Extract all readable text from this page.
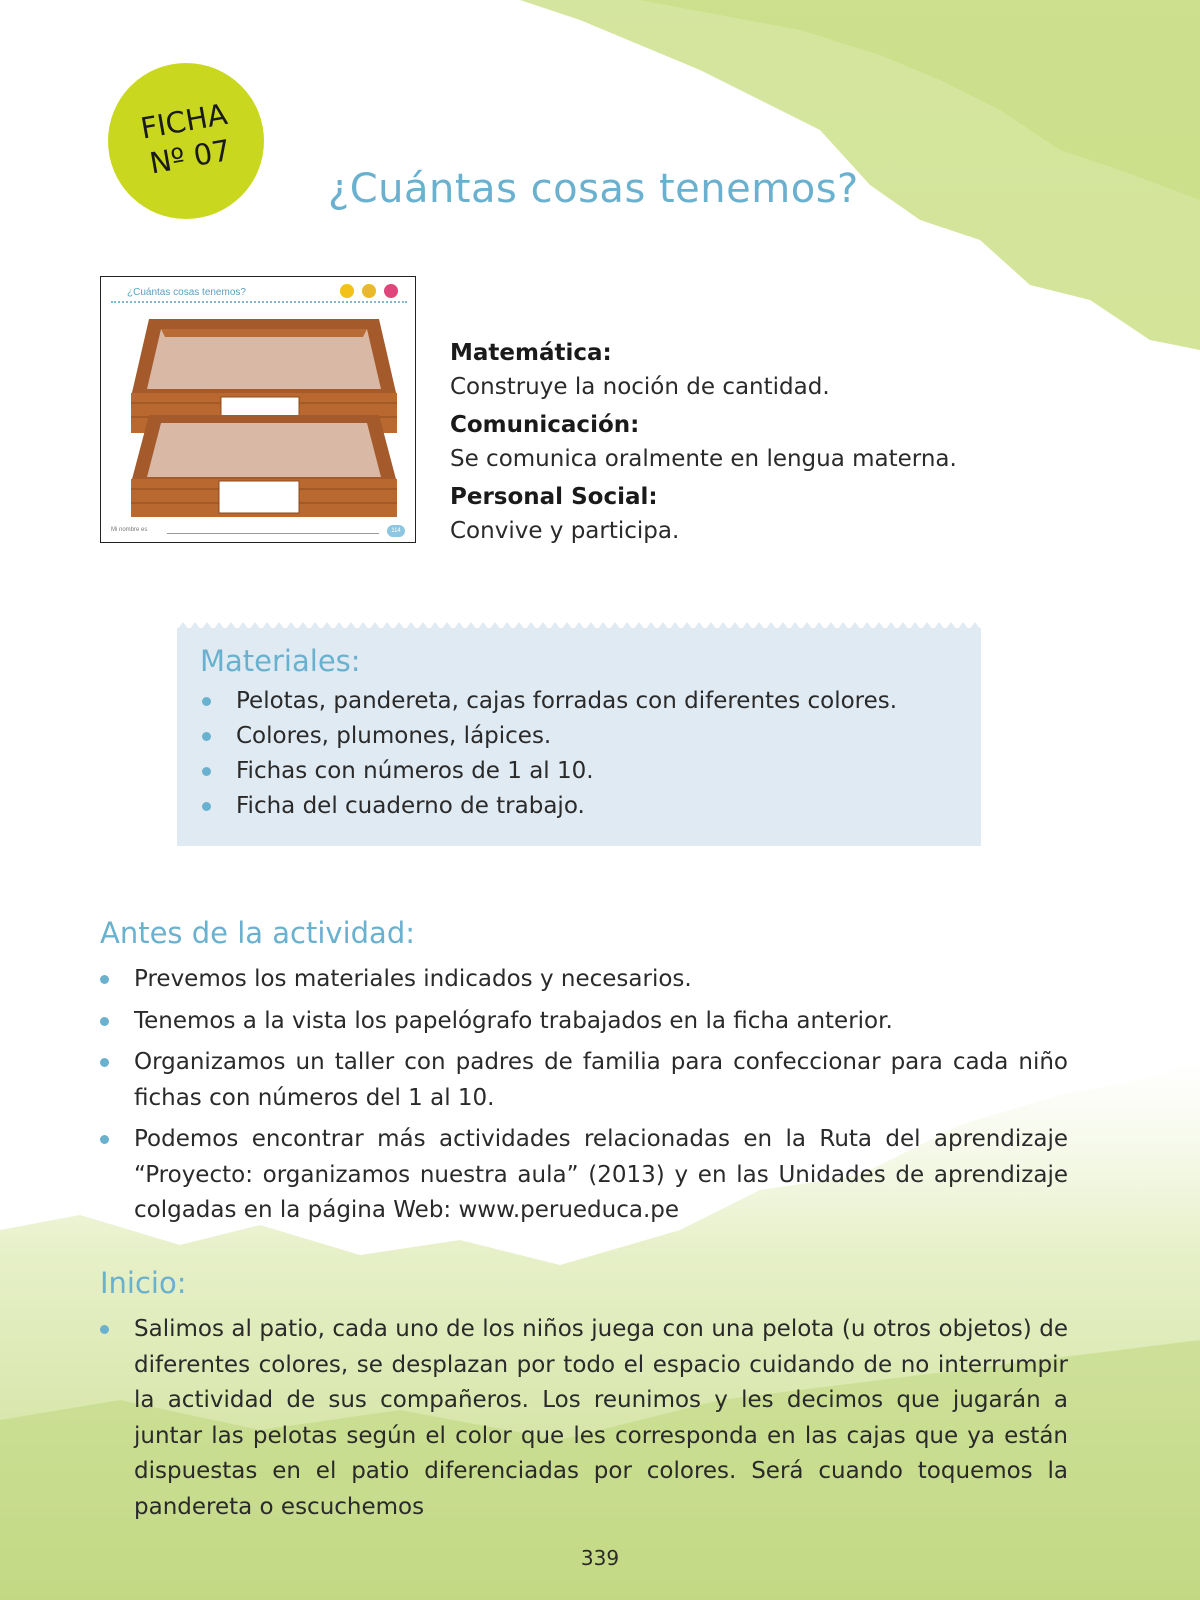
FICHA
Nº 07
¿Cuántas cosas tenemos?
¿Cuántas cosas tenemos?
Mi nombre es	114
Matemática:
Construye la noción de cantidad.
Comunicación:
Se comunica oralmente en lengua materna.
Personal Social:
Convive y participa.
Materiales:
Pelotas, pandereta, cajas forradas con diferentes colores.
Colores, plumones, lápices.
Fichas con números de 1 al 10.
Ficha del cuaderno de trabajo.
Antes de la actividad:
Prevemos los materiales indicados y necesarios.
Tenemos a la vista los papelógrafo trabajados en la ficha anterior.
Organizamos un taller con padres de familia para confeccionar para cada niño fichas con números del 1 al 10.
Podemos encontrar más actividades relacionadas en la Ruta del aprendizaje “Proyecto: organizamos nuestra aula” (2013) y en las Unidades de aprendizaje colgadas en la página Web: www.perueduca.pe
Inicio:
Salimos al patio, cada uno de los niños juega con una pelota (u otros objetos) de diferentes colores, se desplazan por todo el espacio cuidando de no interrumpir la actividad de sus compañeros. Los reunimos y les decimos que jugarán a juntar las pelotas según el color que les corresponda en las cajas que ya están dispuestas en el patio diferenciadas por colores. Será cuando toquemos la pandereta o escuchemos
339
